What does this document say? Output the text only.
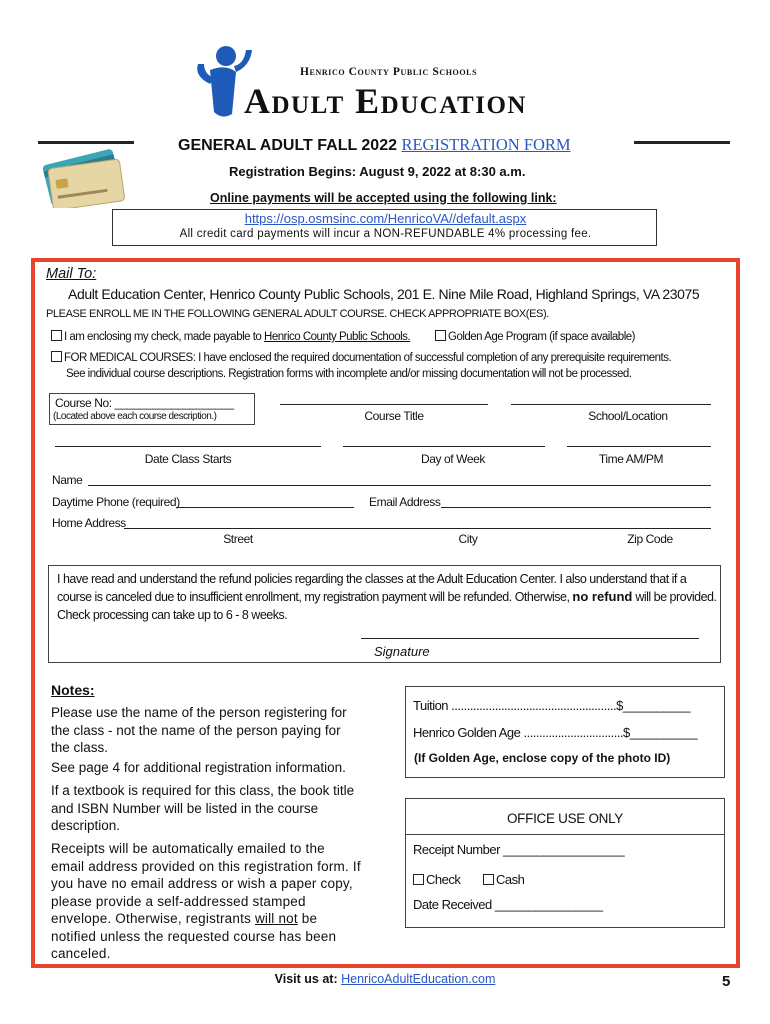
Henrico County Public Schools
Adult Education
GENERAL ADULT FALL 2022 REGISTRATION FORM
Registration Begins: August 9, 2022 at 8:30 a.m.
Online payments will be accepted using the following link:
https://osp.osmsinc.com/HenricoVA//default.aspx
All credit card payments will incur a NON-REFUNDABLE 4% processing fee.
Mail To:
Adult Education Center, Henrico County Public Schools, 201 E. Nine Mile Road, Highland Springs, VA 23075
PLEASE ENROLL ME IN THE FOLLOWING GENERAL ADULT COURSE. CHECK APPROPRIATE BOX(ES).
I am enclosing my check, made payable to Henrico County Public Schools.	Golden Age Program (if space available)
FOR MEDICAL COURSES: I have enclosed the required documentation of successful completion of any prerequisite requirements.
See individual course descriptions. Registration forms with incomplete and/or missing documentation will not be processed.
Course No: ___________________
(Located above each course description.)	Course Title	School/Location
Date Class Starts	Day of Week	Time AM/PM
Name
Daytime Phone (required)	Email Address
Home Address
Street	City	Zip Code
I have read and understand the refund policies regarding the classes at the Adult Education Center. I also understand that if a course is canceled due to insufficient enrollment, my registration payment will be refunded. Otherwise, no refund will be provided. Check processing can take up to 6 - 8 weeks.
Signature
Notes:
Please use the name of the person registering for the class - not the name of the person paying for the class.
See page 4 for additional registration information.
If a textbook is required for this class, the book title and ISBN Number will be listed in the course description.
Receipts will be automatically emailed to the email address provided on this registration form. If you have no email address or wish a paper copy, please provide a self-addressed stamped envelope. Otherwise, registrants will not be notified unless the requested course has been canceled.
Tuition .....................................................$__________
Henrico Golden Age ................................$__________
(If Golden Age, enclose copy of the photo ID)
OFFICE USE ONLY
Receipt Number __________________
Check	Cash
Date Received ________________
Visit us at: HenricoAdultEducation.com	5
